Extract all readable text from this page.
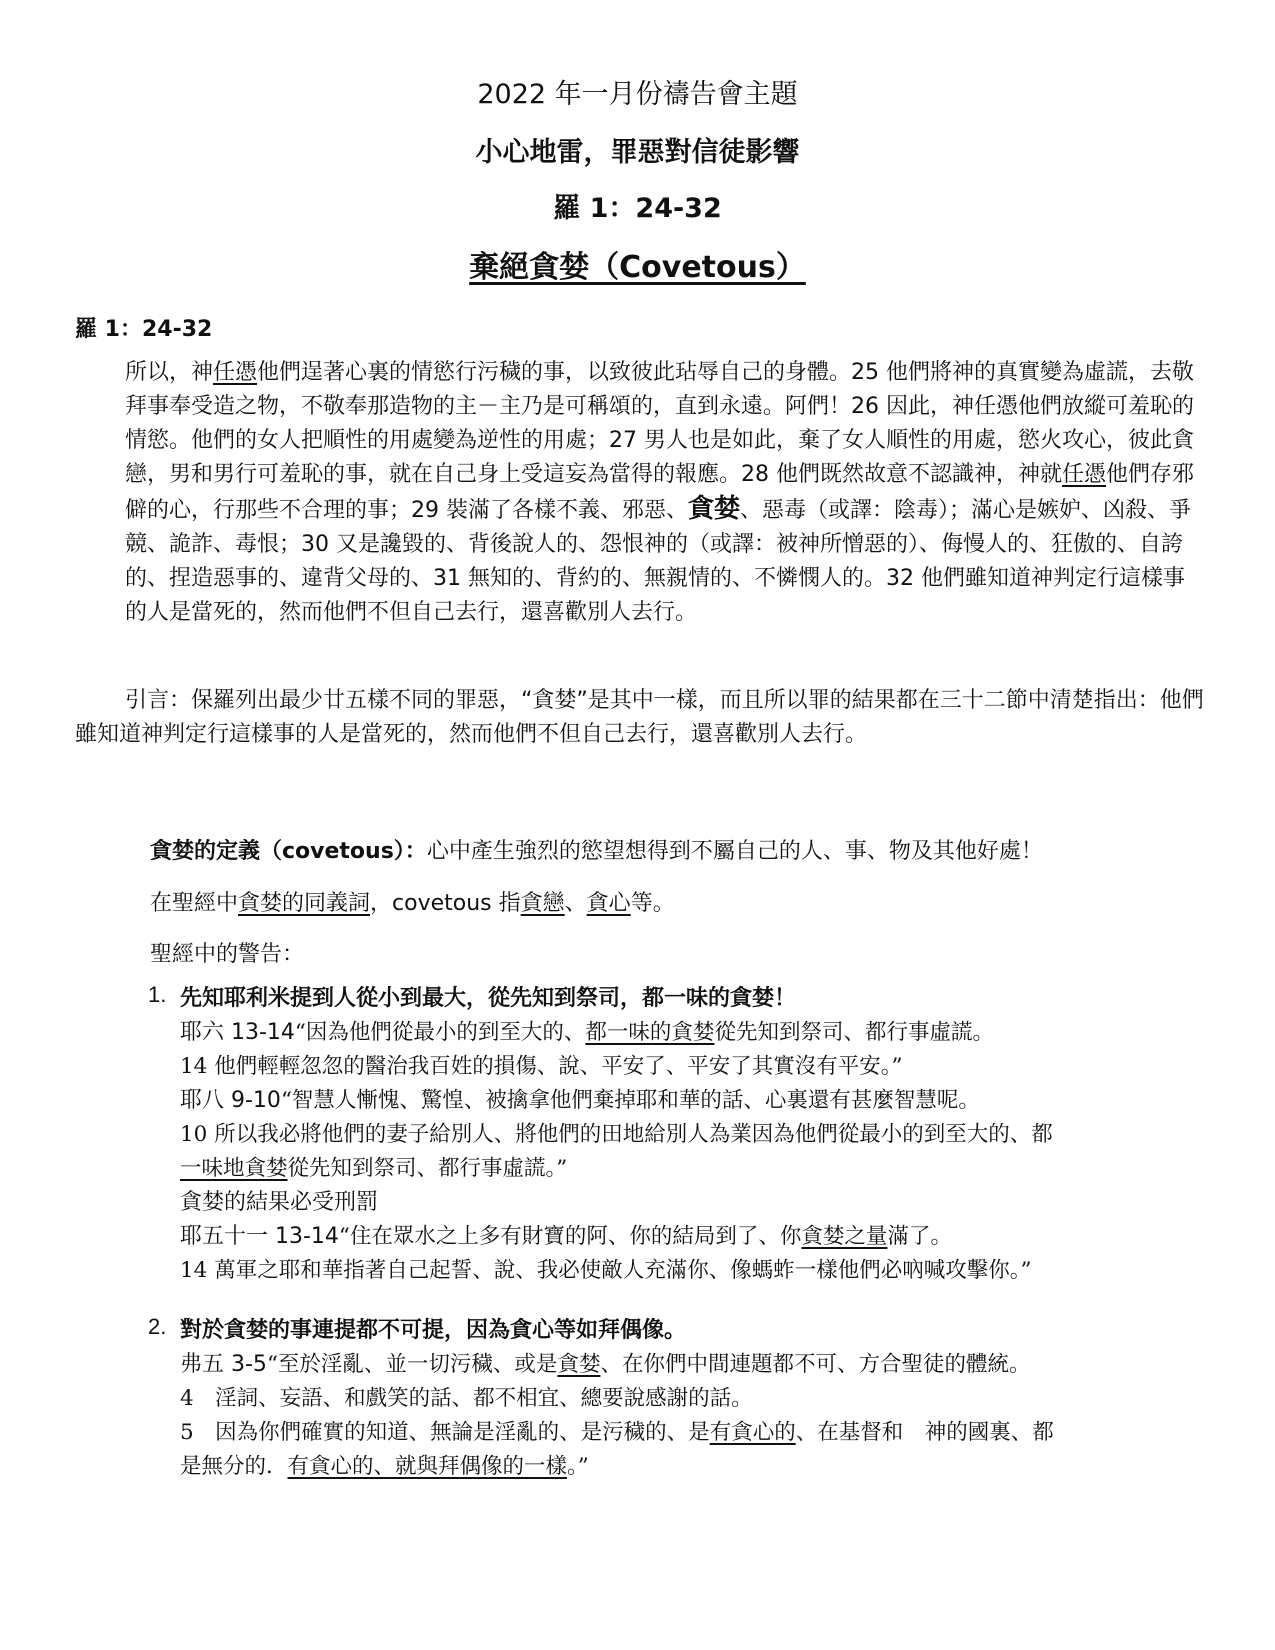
2022 年一月份禱告會主題
小心地雷，罪惡對信徒影響
羅 1：24-32
棄絕貪婪（Covetous）
羅 1：24-32
所以，神任憑他們逞著心裏的情慾行污穢的事，以致彼此玷辱自己的身體。25 他們將神的真實變為虛謊，去敬拜事奉受造之物，不敬奉那造物的主－主乃是可稱頌的，直到永遠。阿們！26 因此，神任憑他們放縱可羞恥的情慾。他們的女人把順性的用處變為逆性的用處；27 男人也是如此，棄了女人順性的用處，慾火攻心，彼此貪戀，男和男行可羞恥的事，就在自己身上受這妄為當得的報應。28 他們既然故意不認識神，神就任憑他們存邪僻的心，行那些不合理的事；29 裝滿了各樣不義、邪惡、貪婪、惡毒（或譯：陰毒）；滿心是嫉妒、凶殺、爭競、詭詐、毒恨；30 又是讒毀的、背後說人的、怨恨神的（或譯：被神所憎惡的）、侮慢人的、狂傲的、自誇的、捏造惡事的、違背父母的、31 無知的、背約的、無親情的、不憐憫人的。32 他們雖知道神判定行這樣事的人是當死的，然而他們不但自己去行，還喜歡別人去行。
引言：保羅列出最少廿五樣不同的罪惡，“貪婪”是其中一樣，而且所以罪的結果都在三十二節中清楚指出：他們雖知道神判定行這樣事的人是當死的，然而他們不但自己去行，還喜歡別人去行。
貪婪的定義（covetous）：心中產生強烈的慾望想得到不屬自己的人、事、物及其他好處！
在聖經中貪婪的同義詞，covetous 指貪戀、貪心等。
聖經中的警告：
1. 先知耶利米提到人從小到最大，從先知到祭司，都一味的貪婪！
耶六 13-14“因為他們從最小的到至大的、都一味的貪婪從先知到祭司、都行事虛謊。
14 他們輕輕忽忽的醫治我百姓的損傷、說、平安了、平安了其實沒有平安。”
耶八 9-10“智慧人慚愧、驚惶、被擒拿他們棄掉耶和華的話、心裏還有甚麼智慧呢。
10 所以我必將他們的妻子給別人、將他們的田地給別人為業因為他們從最小的到至大的、都
一味地貪婪從先知到祭司、都行事虛謊。”
貪婪的結果必受刑罰
耶五十一 13-14“住在眾水之上多有財寶的阿、你的結局到了、你貪婪之量滿了。
14 萬軍之耶和華指著自己起誓、說、我必使敵人充滿你、像螞蚱一樣他們必吶喊攻擊你。”
2. 對於貪婪的事連提都不可提，因為貪心等如拜偶像。
弗五 3-5“至於淫亂、並一切污穢、或是貪婪、在你們中間連題都不可、方合聖徒的體統。
4　淫詞、妄語、和戲笑的話、都不相宜、總要說感謝的話。
5　因為你們確實的知道、無論是淫亂的、是污穢的、是有貪心的、在基督和　神的國裏、都
是無分的．有貪心的、就與拜偶像的一樣。”
